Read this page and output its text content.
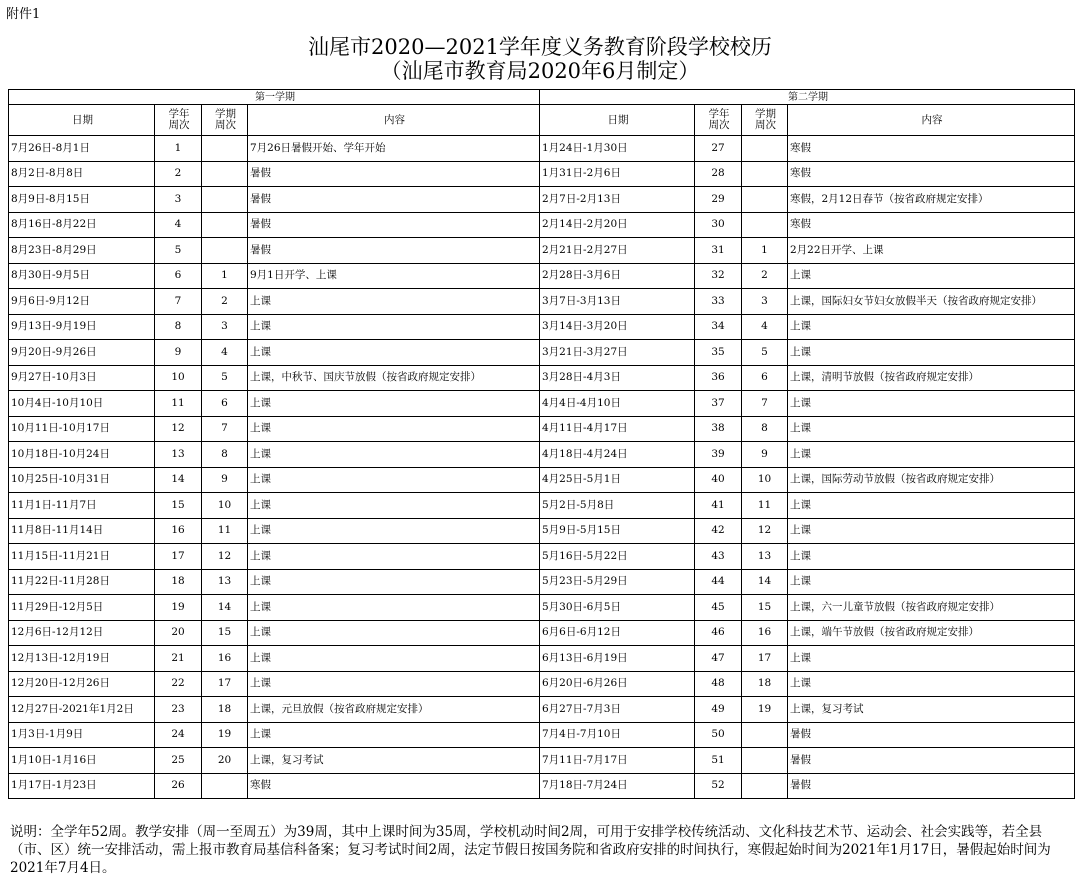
附件1
汕尾市2020—2021学年度义务教育阶段学校校历
（汕尾市教育局2020年6月制定）
第一学期				第二学期			
日期	学年周次	学期周次	内容	日期	学年周次	学期周次	内容
7月26日-8月1日	1		7月26日暑假开始、学年开始	1月24日-1月30日	27		寒假
8月2日-8月8日	2		暑假	1月31日-2月6日	28		寒假
8月9日-8月15日	3		暑假	2月7日-2月13日	29		寒假，2月12日春节（按省政府规定安排）
8月16日-8月22日	4		暑假	2月14日-2月20日	30		寒假
8月23日-8月29日	5		暑假	2月21日-2月27日	31	1	2月22日开学、上课
8月30日-9月5日	6	1	9月1日开学、上课	2月28日-3月6日	32	2	上课
9月6日-9月12日	7	2	上课	3月7日-3月13日	33	3	上课，国际妇女节妇女放假半天（按省政府规定安排）
9月13日-9月19日	8	3	上课	3月14日-3月20日	34	4	上课
9月20日-9月26日	9	4	上课	3月21日-3月27日	35	5	上课
9月27日-10月3日	10	5	上课，中秋节、国庆节放假（按省政府规定安排）	3月28日-4月3日	36	6	上课，清明节放假（按省政府规定安排）
10月4日-10月10日	11	6	上课	4月4日-4月10日	37	7	上课
10月11日-10月17日	12	7	上课	4月11日-4月17日	38	8	上课
10月18日-10月24日	13	8	上课	4月18日-4月24日	39	9	上课
10月25日-10月31日	14	9	上课	4月25日-5月1日	40	10	上课，国际劳动节放假（按省政府规定安排）
11月1日-11月7日	15	10	上课	5月2日-5月8日	41	11	上课
11月8日-11月14日	16	11	上课	5月9日-5月15日	42	12	上课
11月15日-11月21日	17	12	上课	5月16日-5月22日	43	13	上课
11月22日-11月28日	18	13	上课	5月23日-5月29日	44	14	上课
11月29日-12月5日	19	14	上课	5月30日-6月5日	45	15	上课，六一儿童节放假（按省政府规定安排）
12月6日-12月12日	20	15	上课	6月6日-6月12日	46	16	上课，端午节放假（按省政府规定安排）
12月13日-12月19日	21	16	上课	6月13日-6月19日	47	17	上课
12月20日-12月26日	22	17	上课	6月20日-6月26日	48	18	上课
12月27日-2021年1月2日	23	18	上课，元旦放假（按省政府规定安排）	6月27日-7月3日	49	19	上课，复习考试
1月3日-1月9日	24	19	上课	7月4日-7月10日	50		暑假
1月10日-1月16日	25	20	上课，复习考试	7月11日-7月17日	51		暑假
1月17日-1月23日	26		寒假	7月18日-7月24日	52		暑假
说明：全学年52周。教学安排（周一至周五）为39周，其中上课时间为35周，学校机动时间2周，可用于安排学校传统活动、文化科技艺术节、运动会、社会实践等，若全县（市、区）统一安排活动，需上报市教育局基信科备案；复习考试时间2周，法定节假日按国务院和省政府安排的时间执行，寒假起始时间为2021年1月17日，暑假起始时间为2021年7月4日。
